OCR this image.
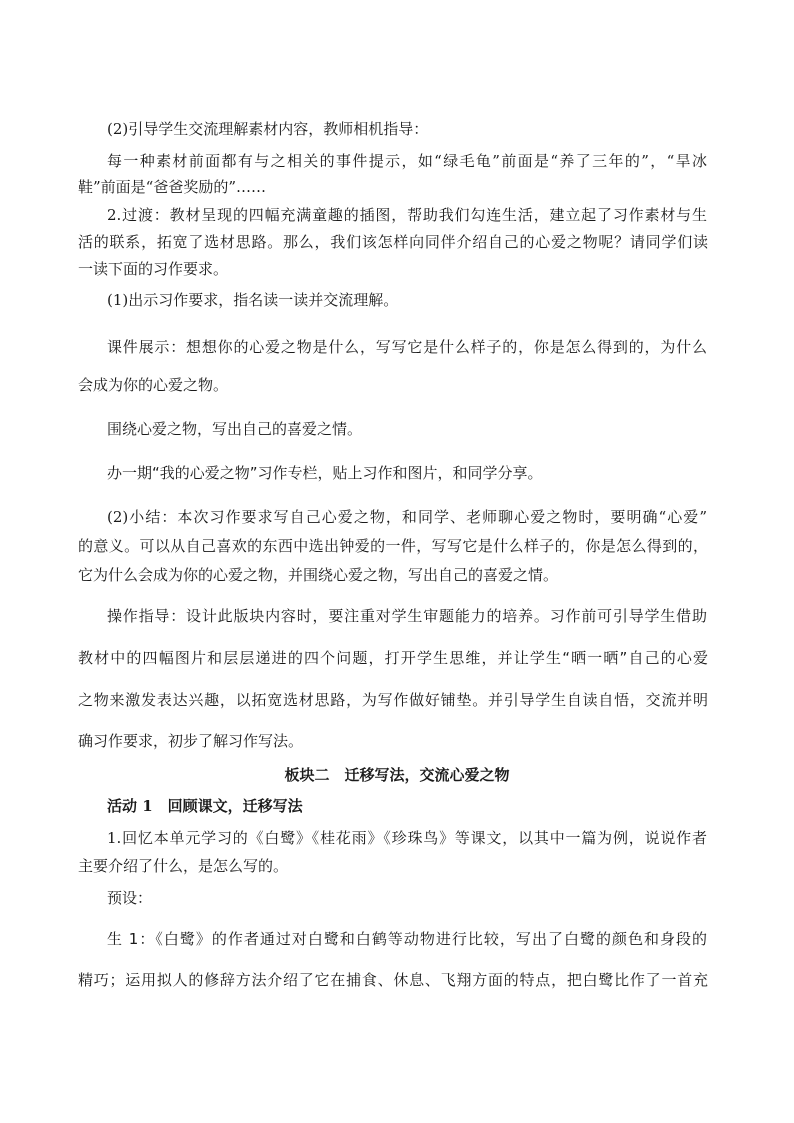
(2)引导学生交流理解素材内容，教师相机指导：
每一种素材前面都有与之相关的事件提示，如“绿毛龟”前面是“养了三年的”，“旱冰
鞋”前面是“爸爸奖励的”……
2.过渡：教材呈现的四幅充满童趣的插图，帮助我们勾连生活，建立起了习作素材与生
活的联系，拓宽了选材思路。那么，我们该怎样向同伴介绍自己的心爱之物呢？请同学们读
一读下面的习作要求。
(1)出示习作要求，指名读一读并交流理解。
课件展示：想想你的心爱之物是什么，写写它是什么样子的，你是怎么得到的，为什么
会成为你的心爱之物。
围绕心爱之物，写出自己的喜爱之情。
办一期“我的心爱之物”习作专栏，贴上习作和图片，和同学分享。
(2)小结：本次习作要求写自己心爱之物，和同学、老师聊心爱之物时，要明确“心爱”
的意义。可以从自己喜欢的东西中选出钟爱的一件，写写它是什么样子的，你是怎么得到的，
它为什么会成为你的心爱之物，并围绕心爱之物，写出自己的喜爱之情。
操作指导：设计此版块内容时，要注重对学生审题能力的培养。习作前可引导学生借助
教材中的四幅图片和层层递进的四个问题，打开学生思维，并让学生“晒一晒”自己的心爱
之物来激发表达兴趣，以拓宽选材思路，为写作做好铺垫。并引导学生自读自悟，交流并明
确习作要求，初步了解习作写法。
板块二　迁移写法，交流心爱之物
活动 1　回顾课文，迁移写法
1.回忆本单元学习的《白鹭》《桂花雨》《珍珠鸟》等课文，以其中一篇为例，说说作者
主要介绍了什么，是怎么写的。
预设：
生 1：《白鹭》的作者通过对白鹭和白鹤等动物进行比较，写出了白鹭的颜色和身段的
精巧；运用拟人的修辞方法介绍了它在捕食、休息、飞翔方面的特点，把白鹭比作了一首充
